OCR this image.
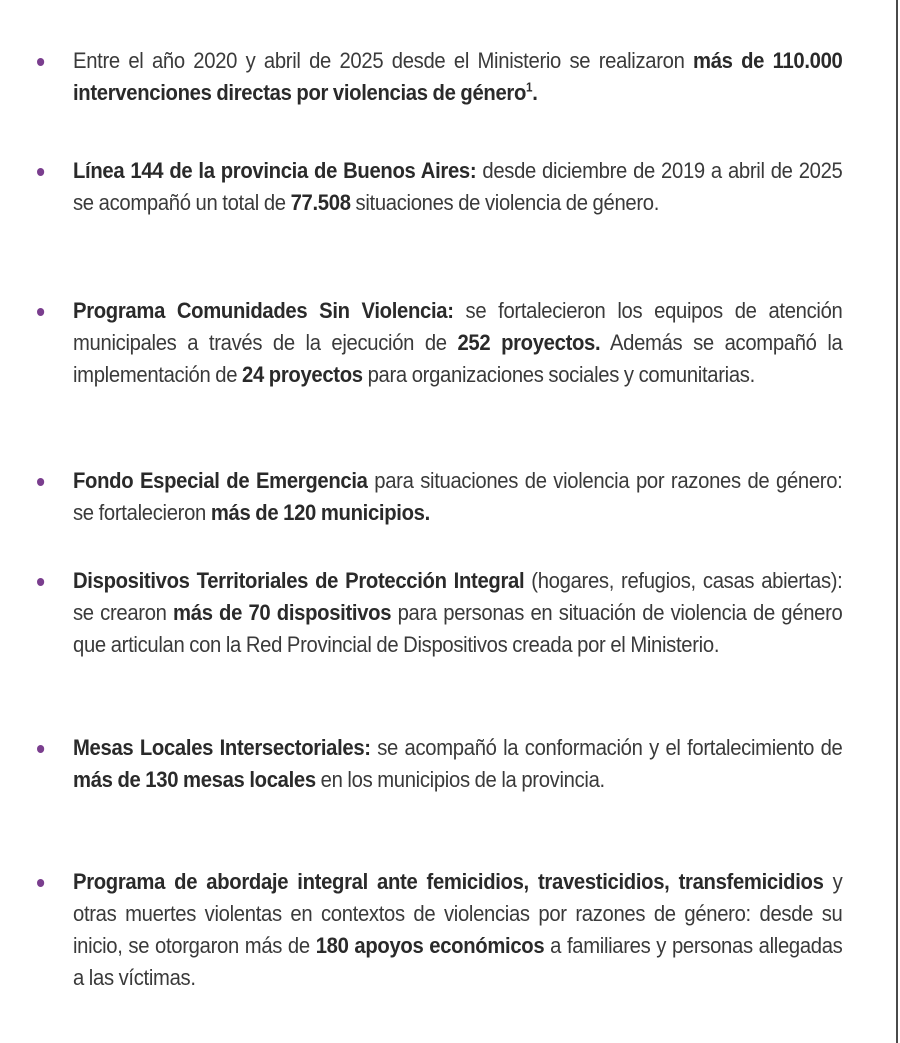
Entre el año 2020 y abril de 2025 desde el Ministerio se realizaron más de 110.000 intervenciones directas por violencias de género$^1$.
Línea 144 de la provincia de Buenos Aires: desde diciembre de 2019 a abril de 2025 se acompañó un total de 77.508 situaciones de violencia de género.
Programa Comunidades Sin Violencia: se fortalecieron los equipos de atención municipales a través de la ejecución de 252 proyectos. Además se acompañó la implementación de 24 proyectos para organizaciones sociales y comunitarias.
Fondo Especial de Emergencia para situaciones de violencia por razones de género: se fortalecieron más de 120 municipios.
Dispositivos Territoriales de Protección Integral (hogares, refugios, casas abiertas): se crearon más de 70 dispositivos para personas en situación de violencia de género que articulan con la Red Provincial de Dispositivos creada por el Ministerio.
Mesas Locales Intersectoriales: se acompañó la conformación y el fortalecimiento de más de 130 mesas locales en los municipios de la provincia.
Programa de abordaje integral ante femicidios, travesticidios, transfemicidios y otras muertes violentas en contextos de violencias por razones de género: desde su inicio, se otorgaron más de 180 apoyos económicos a familiares y personas allegadas a las víctimas.
